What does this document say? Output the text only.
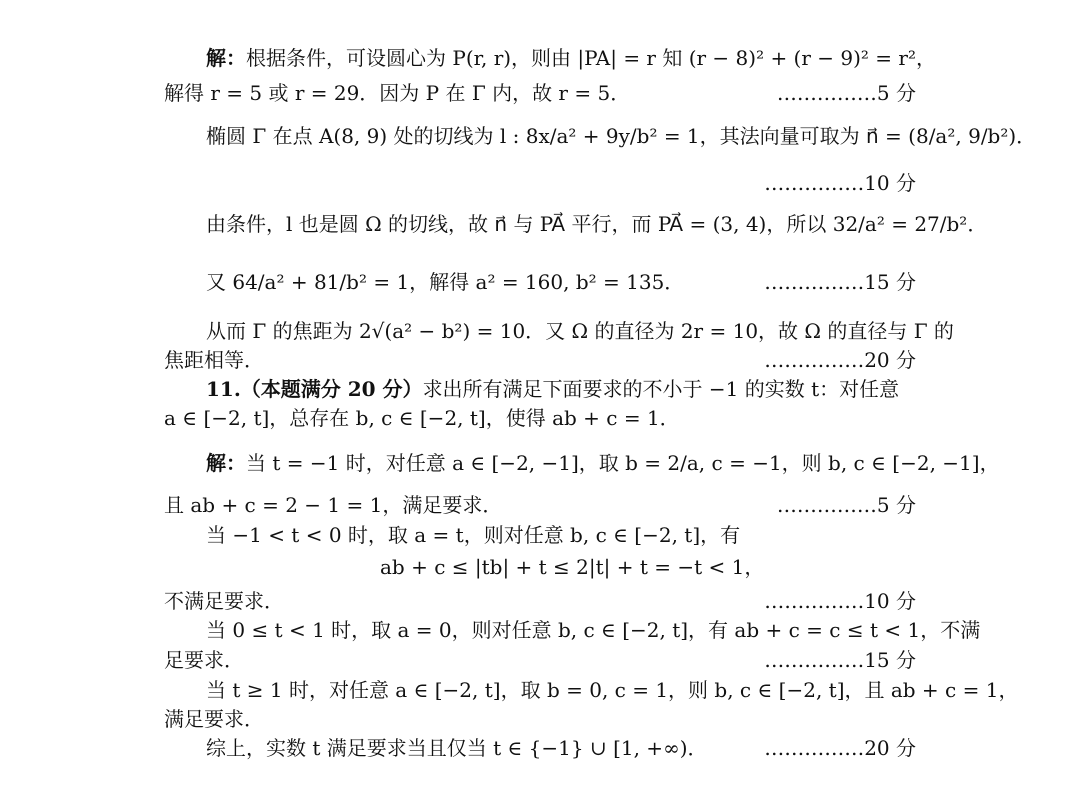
解：根据条件，可设圆心为 P(r, r)，则由 |PA| = r 知 (r − 8)² + (r − 9)² = r²，
解得 r = 5 或 r = 29．因为 P 在 Γ 内，故 r = 5．	……………5 分
椭圆 Γ 在点 A(8, 9) 处的切线为 l : 8x/a² + 9y/b² = 1，其法向量可取为 n⃗ = (8/a², 9/b²)．
……………10 分
由条件，l 也是圆 Ω 的切线，故 n⃗ 与 PA⃗ 平行，而 PA⃗ = (3, 4)，所以 32/a² = 27/b²．
又 64/a² + 81/b² = 1，解得 a² = 160, b² = 135．	……………15 分
从而 Γ 的焦距为 2√(a² − b²) = 10．又 Ω 的直径为 2r = 10，故 Ω 的直径与 Γ 的
焦距相等．	……………20 分
11.（本题满分 20 分）求出所有满足下面要求的不小于 −1 的实数 t：对任意
a ∈ [−2, t]，总存在 b, c ∈ [−2, t]，使得 ab + c = 1．
解：当 t = −1 时，对任意 a ∈ [−2, −1]，取 b = 2/a, c = −1，则 b, c ∈ [−2, −1]，
且 ab + c = 2 − 1 = 1，满足要求．	……………5 分
当 −1 < t < 0 时，取 a = t，则对任意 b, c ∈ [−2, t]，有
ab + c ≤ |tb| + t ≤ 2|t| + t = −t < 1，
不满足要求．	……………10 分
当 0 ≤ t < 1 时，取 a = 0，则对任意 b, c ∈ [−2, t]，有 ab + c = c ≤ t < 1，不满
足要求．	……………15 分
当 t ≥ 1 时，对任意 a ∈ [−2, t]，取 b = 0, c = 1，则 b, c ∈ [−2, t]，且 ab + c = 1，
满足要求．
综上，实数 t 满足要求当且仅当 t ∈ {−1} ∪ [1, +∞)．	……………20 分
